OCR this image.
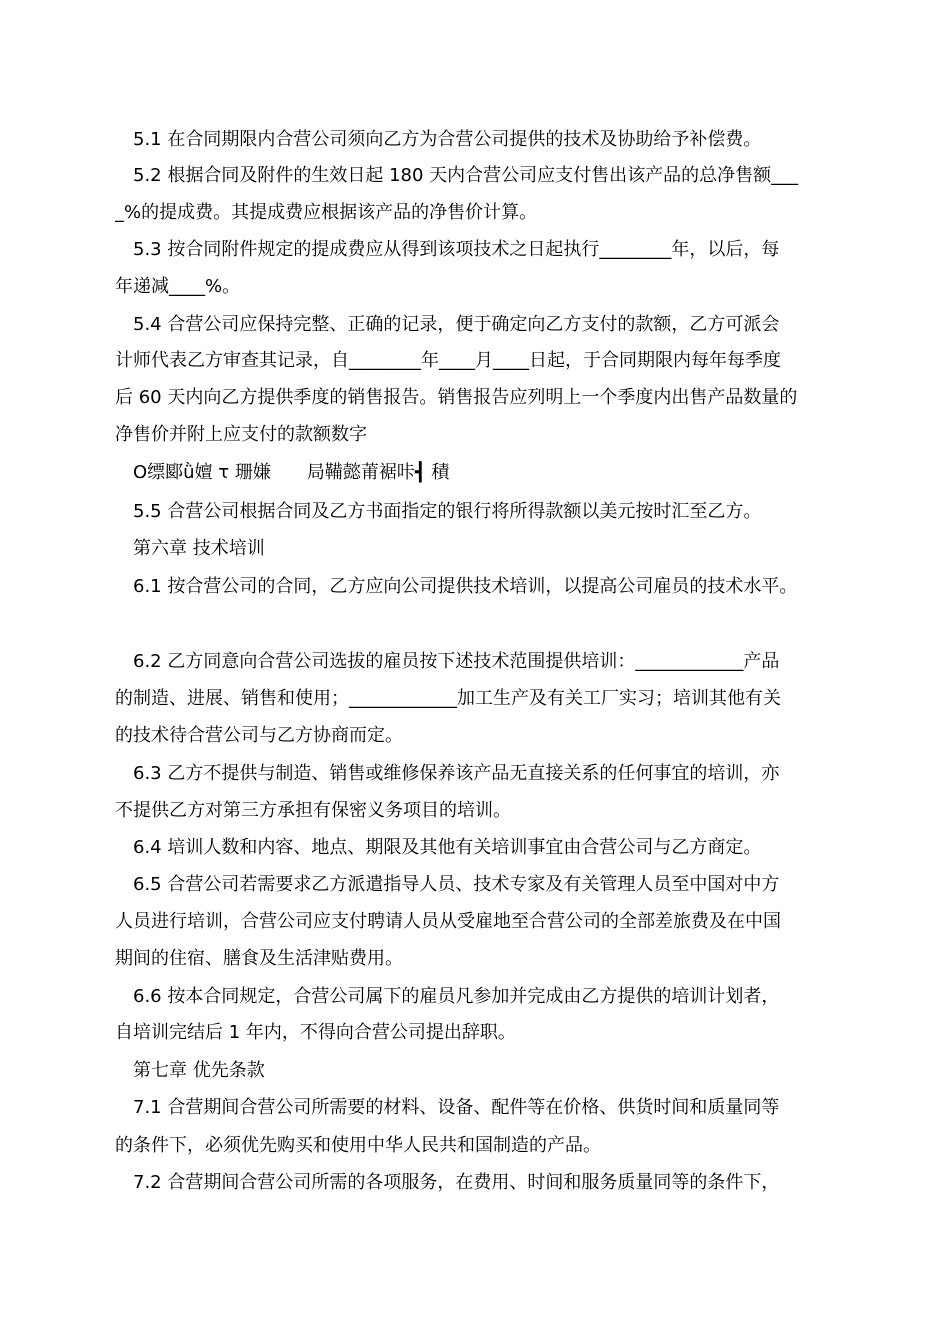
5.1 在合同期限内合营公司须向乙方为合营公司提供的技术及协助给予补偿费。
5.2 根据合同及附件的生效日起 180 天内合营公司应支付售出该产品的总净售额___
_%的提成费。其提成费应根据该产品的净售价计算。
5.3 按合同附件规定的提成费应从得到该项技术之日起执行________年，以后，每
年递减____%。
5.4 合营公司应保持完整、正确的记录，便于确定向乙方支付的款额，乙方可派会
计师代表乙方审查其记录，自________年____月____日起，于合同期限内每年每季度
后 60 天内向乙方提供季度的销售报告。销售报告应列明上一个季度内出售产品数量的
净售价并附上应支付的款额数字
O缥郾ǜ嬗 τ 珊嫌　　局鞴懿莆裾咔┫ 積
5.5 合营公司根据合同及乙方书面指定的银行将所得款额以美元按时汇至乙方。
第六章 技术培训
6.1 按合营公司的合同，乙方应向公司提供技术培训，以提高公司雇员的技术水平。
6.2 乙方同意向合营公司选拔的雇员按下述技术范围提供培训：____________产品
的制造、进展、销售和使用；____________加工生产及有关工厂实习；培训其他有关
的技术待合营公司与乙方协商而定。
6.3 乙方不提供与制造、销售或维修保养该产品无直接关系的任何事宜的培训，亦
不提供乙方对第三方承担有保密义务项目的培训。
6.4 培训人数和内容、地点、期限及其他有关培训事宜由合营公司与乙方商定。
6.5 合营公司若需要求乙方派遣指导人员、技术专家及有关管理人员至中国对中方
人员进行培训，合营公司应支付聘请人员从受雇地至合营公司的全部差旅费及在中国
期间的住宿、膳食及生活津贴费用。
6.6 按本合同规定，合营公司属下的雇员凡参加并完成由乙方提供的培训计划者，
自培训完结后 1 年内，不得向合营公司提出辞职。
第七章 优先条款
7.1 合营期间合营公司所需要的材料、设备、配件等在价格、供货时间和质量同等
的条件下，必须优先购买和使用中华人民共和国制造的产品。
7.2 合营期间合营公司所需的各项服务，在费用、时间和服务质量同等的条件下，
